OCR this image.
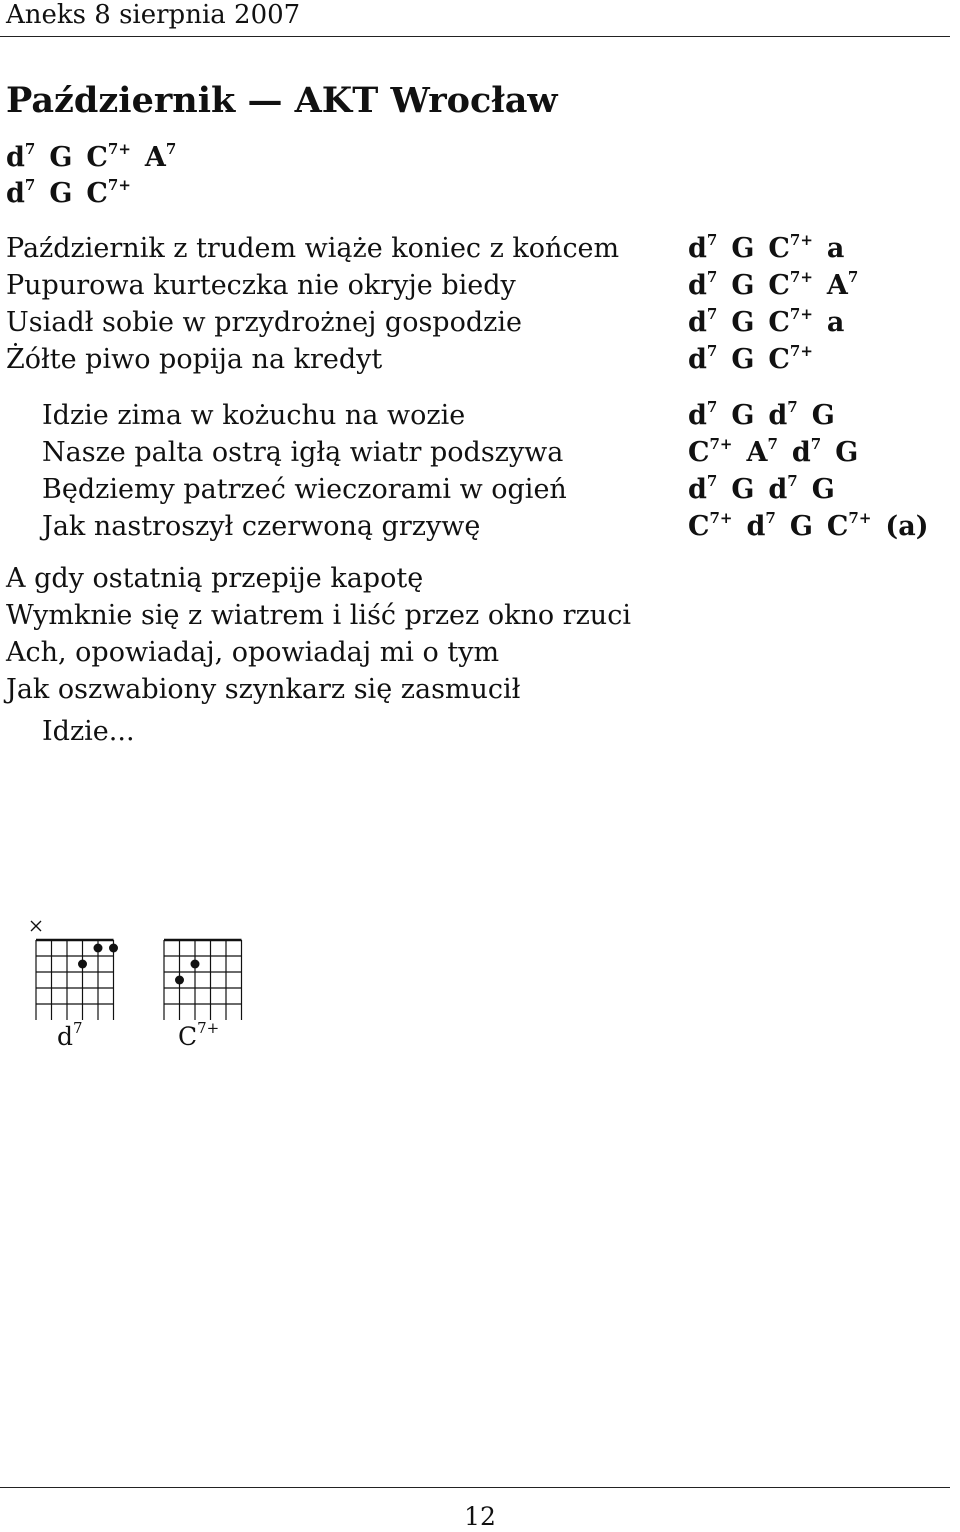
Aneks 8 sierpnia 2007
Październik — AKT Wrocław
$d^7$ G $C^{7+}$ $A^7$
$d^7$ G $C^{7+}$
Październik z trudem wiąże koniec z końcem
Pupurowa kurteczka nie okryje biedy
Usiadł sobie w przydrożnej gospodzie
Żółte piwo popija na kredyt
$d^7$ G $C^{7+}$ a
$d^7$ G $C^{7+}$ $A^7$
$d^7$ G $C^{7+}$ a
$d^7$ G $C^{7+}$
Idzie zima w kożuchu na wozie
Nasze palta ostrą igłą wiatr podszywa
Będziemy patrzeć wieczorami w ogień
Jak nastroszył czerwoną grzywę
$d^7$ G $d^7$ G
$C^{7+}$ $A^7$ $d^7$ G
$d^7$ G $d^7$ G
$C^{7+}$ $d^7$ G $C^{7+}$ (a)
A gdy ostatnią przepije kapotę
Wymknie się z wiatrem i liść przez okno rzuci
Ach, opowiadaj, opowiadaj mi o tym
Jak oszwabiony szynkarz się zasmucił
Idzie...
$d^7$	$C^{7+}$
12
